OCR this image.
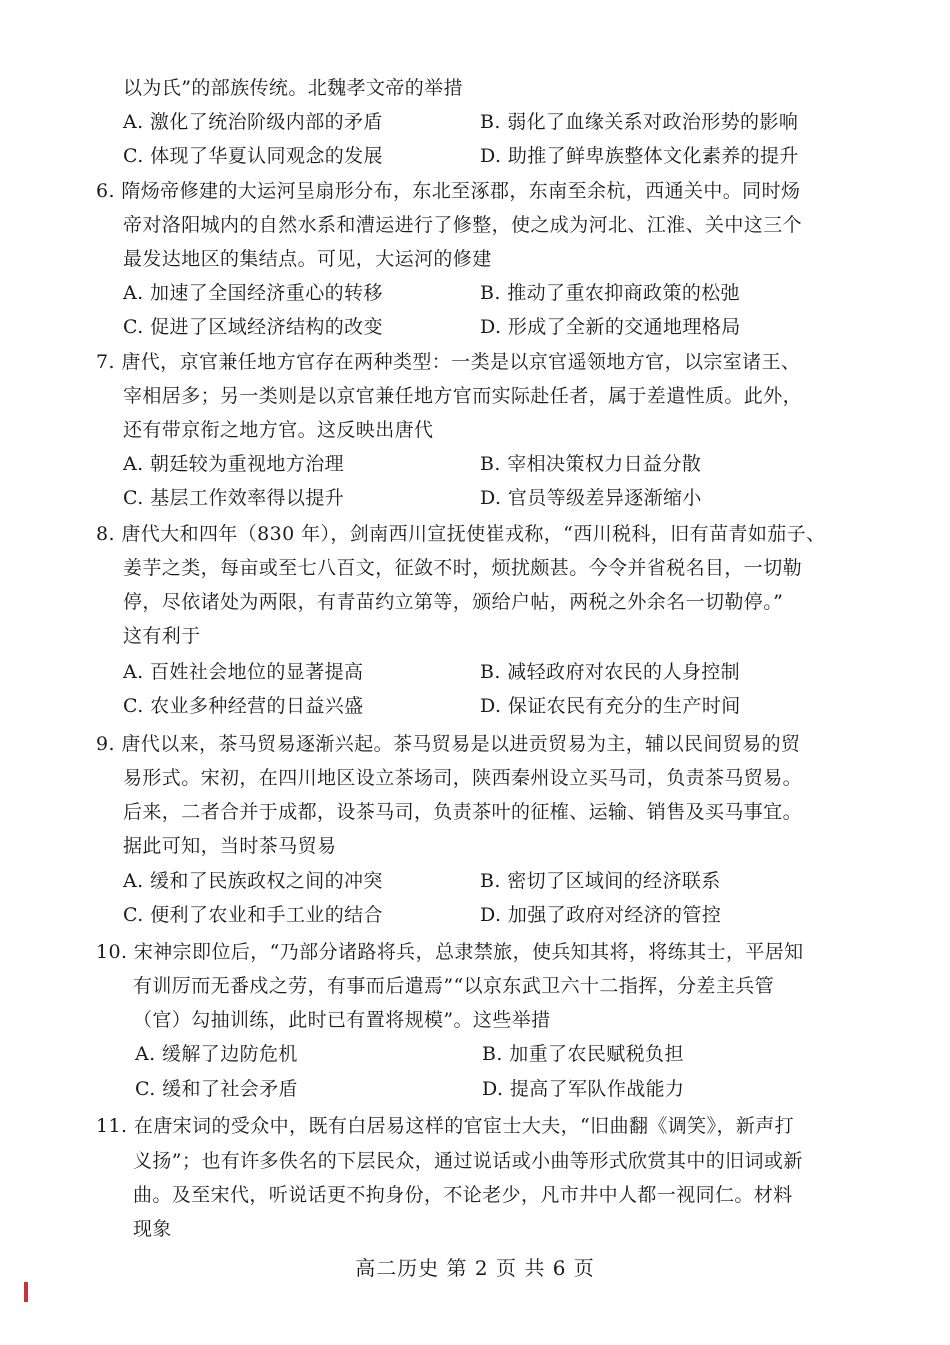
以为氏”的部族传统。北魏孝文帝的举措
A. 激化了统治阶级内部的矛盾	B. 弱化了血缘关系对政治形势的影响
C. 体现了华夏认同观念的发展	D. 助推了鲜卑族整体文化素养的提升
6. 隋炀帝修建的大运河呈扇形分布，东北至涿郡，东南至余杭，西通关中。同时炀
帝对洛阳城内的自然水系和漕运进行了修整，使之成为河北、江淮、关中这三个
最发达地区的集结点。可见，大运河的修建
A. 加速了全国经济重心的转移	B. 推动了重农抑商政策的松弛
C. 促进了区域经济结构的改变	D. 形成了全新的交通地理格局
7. 唐代，京官兼任地方官存在两种类型：一类是以京官遥领地方官，以宗室诸王、
宰相居多；另一类则是以京官兼任地方官而实际赴任者，属于差遣性质。此外，
还有带京衔之地方官。这反映出唐代
A. 朝廷较为重视地方治理	B. 宰相决策权力日益分散
C. 基层工作效率得以提升	D. 官员等级差异逐渐缩小
8. 唐代大和四年（830 年），剑南西川宣抚使崔戎称，“西川税科，旧有苗青如茄子、
姜芋之类，每亩或至七八百文，征敛不时，烦扰颇甚。今令并省税名目，一切勒
停，尽依诸处为两限，有青苗约立第等，颁给户帖，两税之外余名一切勒停。”
这有利于
A. 百姓社会地位的显著提高	B. 减轻政府对农民的人身控制
C. 农业多种经营的日益兴盛	D. 保证农民有充分的生产时间
9. 唐代以来，茶马贸易逐渐兴起。茶马贸易是以进贡贸易为主，辅以民间贸易的贸
易形式。宋初，在四川地区设立茶场司，陕西秦州设立买马司，负责茶马贸易。
后来，二者合并于成都，设茶马司，负责茶叶的征榷、运输、销售及买马事宜。
据此可知，当时茶马贸易
A. 缓和了民族政权之间的冲突	B. 密切了区域间的经济联系
C. 便利了农业和手工业的结合	D. 加强了政府对经济的管控
10. 宋神宗即位后，“乃部分诸路将兵，总隶禁旅，使兵知其将，将练其士，平居知
有训厉而无番戍之劳，有事而后遣焉”“以京东武卫六十二指挥，分差主兵管
（官）勾抽训练，此时已有置将规模”。这些举措
A. 缓解了边防危机	B. 加重了农民赋税负担
C. 缓和了社会矛盾	D. 提高了军队作战能力
11. 在唐宋词的受众中，既有白居易这样的官宦士大夫，“旧曲翻《调笑》，新声打
义扬”；也有许多佚名的下层民众，通过说话或小曲等形式欣赏其中的旧词或新
曲。及至宋代，听说话更不拘身份，不论老少，凡市井中人都一视同仁。材料
现象
高二历史 第 2 页 共 6 页
